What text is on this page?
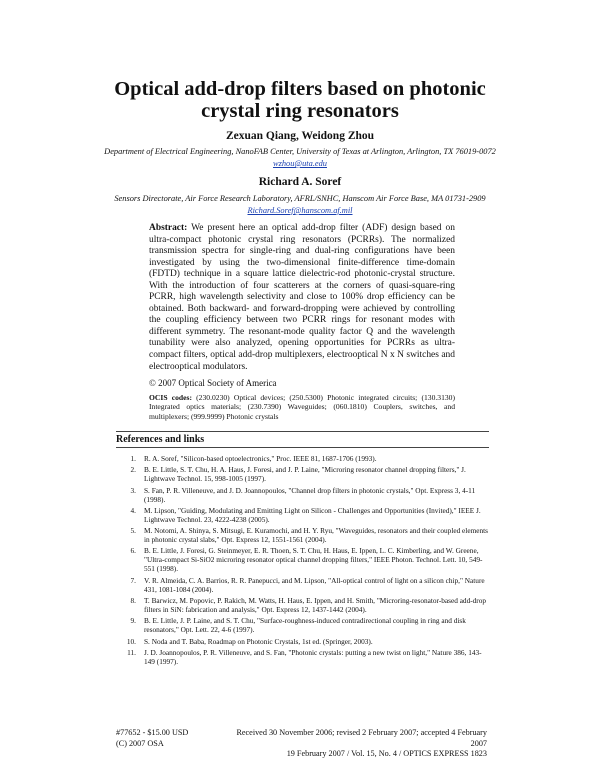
Optical add-drop filters based on photonic
crystal ring resonators
Zexuan Qiang, Weidong Zhou
Department of Electrical Engineering, NanoFAB Center, University of Texas at Arlington, Arlington, TX 76019-0072
wzhou@uta.edu
Richard A. Soref
Sensors Directorate, Air Force Research Laboratory, AFRL/SNHC, Hanscom Air Force Base, MA 01731-2909
Richard.Soref@hanscom.af.mil
Abstract: We present here an optical add-drop filter (ADF) design based on ultra-compact photonic crystal ring resonators (PCRRs). The normalized transmission spectra for single-ring and dual-ring configurations have been investigated by using the two-dimensional finite-difference time-domain (FDTD) technique in a square lattice dielectric-rod photonic-crystal structure. With the introduction of four scatterers at the corners of quasi-square-ring PCRR, high wavelength selectivity and close to 100% drop efficiency can be obtained. Both backward- and forward-dropping were achieved by controlling the coupling efficiency between two PCRR rings for resonant modes with different symmetry. The resonant-mode quality factor Q and the wavelength tunability were also analyzed, opening opportunities for PCRRs as ultra-compact filters, optical add-drop multiplexers, electrooptical N x N switches and electrooptical modulators.
© 2007 Optical Society of America
OCIS codes: (230.0230) Optical devices; (250.5300) Photonic integrated circuits; (130.3130) Integrated optics materials; (230.7390) Waveguides; (060.1810) Couplers, switches, and multiplexers; (999.9999) Photonic crystals
References and links
1.	R. A. Soref, "Silicon-based optoelectronics," Proc. IEEE 81, 1687-1706 (1993).
2.	B. E. Little, S. T. Chu, H. A. Haus, J. Foresi, and J. P. Laine, "Microring resonator channel dropping filters," J. Lightwave Technol. 15, 998-1005 (1997).
3.	S. Fan, P. R. Villeneuve, and J. D. Joannopoulos, "Channel drop filters in photonic crystals," Opt. Express 3, 4-11 (1998).
4.	M. Lipson, "Guiding, Modulating and Emitting Light on Silicon - Challenges and Opportunities (Invited)," IEEE J. Lightwave Technol. 23, 4222-4238 (2005).
5.	M. Notomi, A. Shinya, S. Mitsugi, E. Kuramochi, and H. Y. Ryu, "Waveguides, resonators and their coupled elements in photonic crystal slabs," Opt. Express 12, 1551-1561 (2004).
6.	B. E. Little, J. Foresi, G. Steinmeyer, E. R. Thoen, S. T. Chu, H. Haus, E. Ippen, L. C. Kimberling, and W. Greene, "Ultra-compact Si-SiO2 microring resonator optical channel dropping filters," IEEE Photon. Technol. Lett. 10, 549-551 (1998).
7.	V. R. Almeida, C. A. Barrios, R. R. Panepucci, and M. Lipson, "All-optical control of light on a silicon chip," Nature 431, 1081-1084 (2004).
8.	T. Barwicz, M. Popovic, P. Rakich, M. Watts, H. Haus, E. Ippen, and H. Smith, "Microring-resonator-based add-drop filters in SiN: fabrication and analysis," Opt. Express 12, 1437-1442 (2004).
9.	B. E. Little, J. P. Laine, and S. T. Chu, "Surface-roughness-induced contradirectional coupling in ring and disk resonators," Opt. Lett. 22, 4-6 (1997).
10.	S. Noda and T. Baba, Roadmap on Photonic Crystals, 1st ed. (Springer, 2003).
11.	J. D. Joannopoulos, P. R. Villeneuve, and S. Fan, "Photonic crystals: putting a new twist on light," Nature 386, 143-149 (1997).
#77652 - $15.00 USD
(C) 2007 OSA
Received 30 November 2006; revised 2 February 2007; accepted 4 February 2007
19 February 2007 / Vol. 15, No. 4 / OPTICS EXPRESS 1823
